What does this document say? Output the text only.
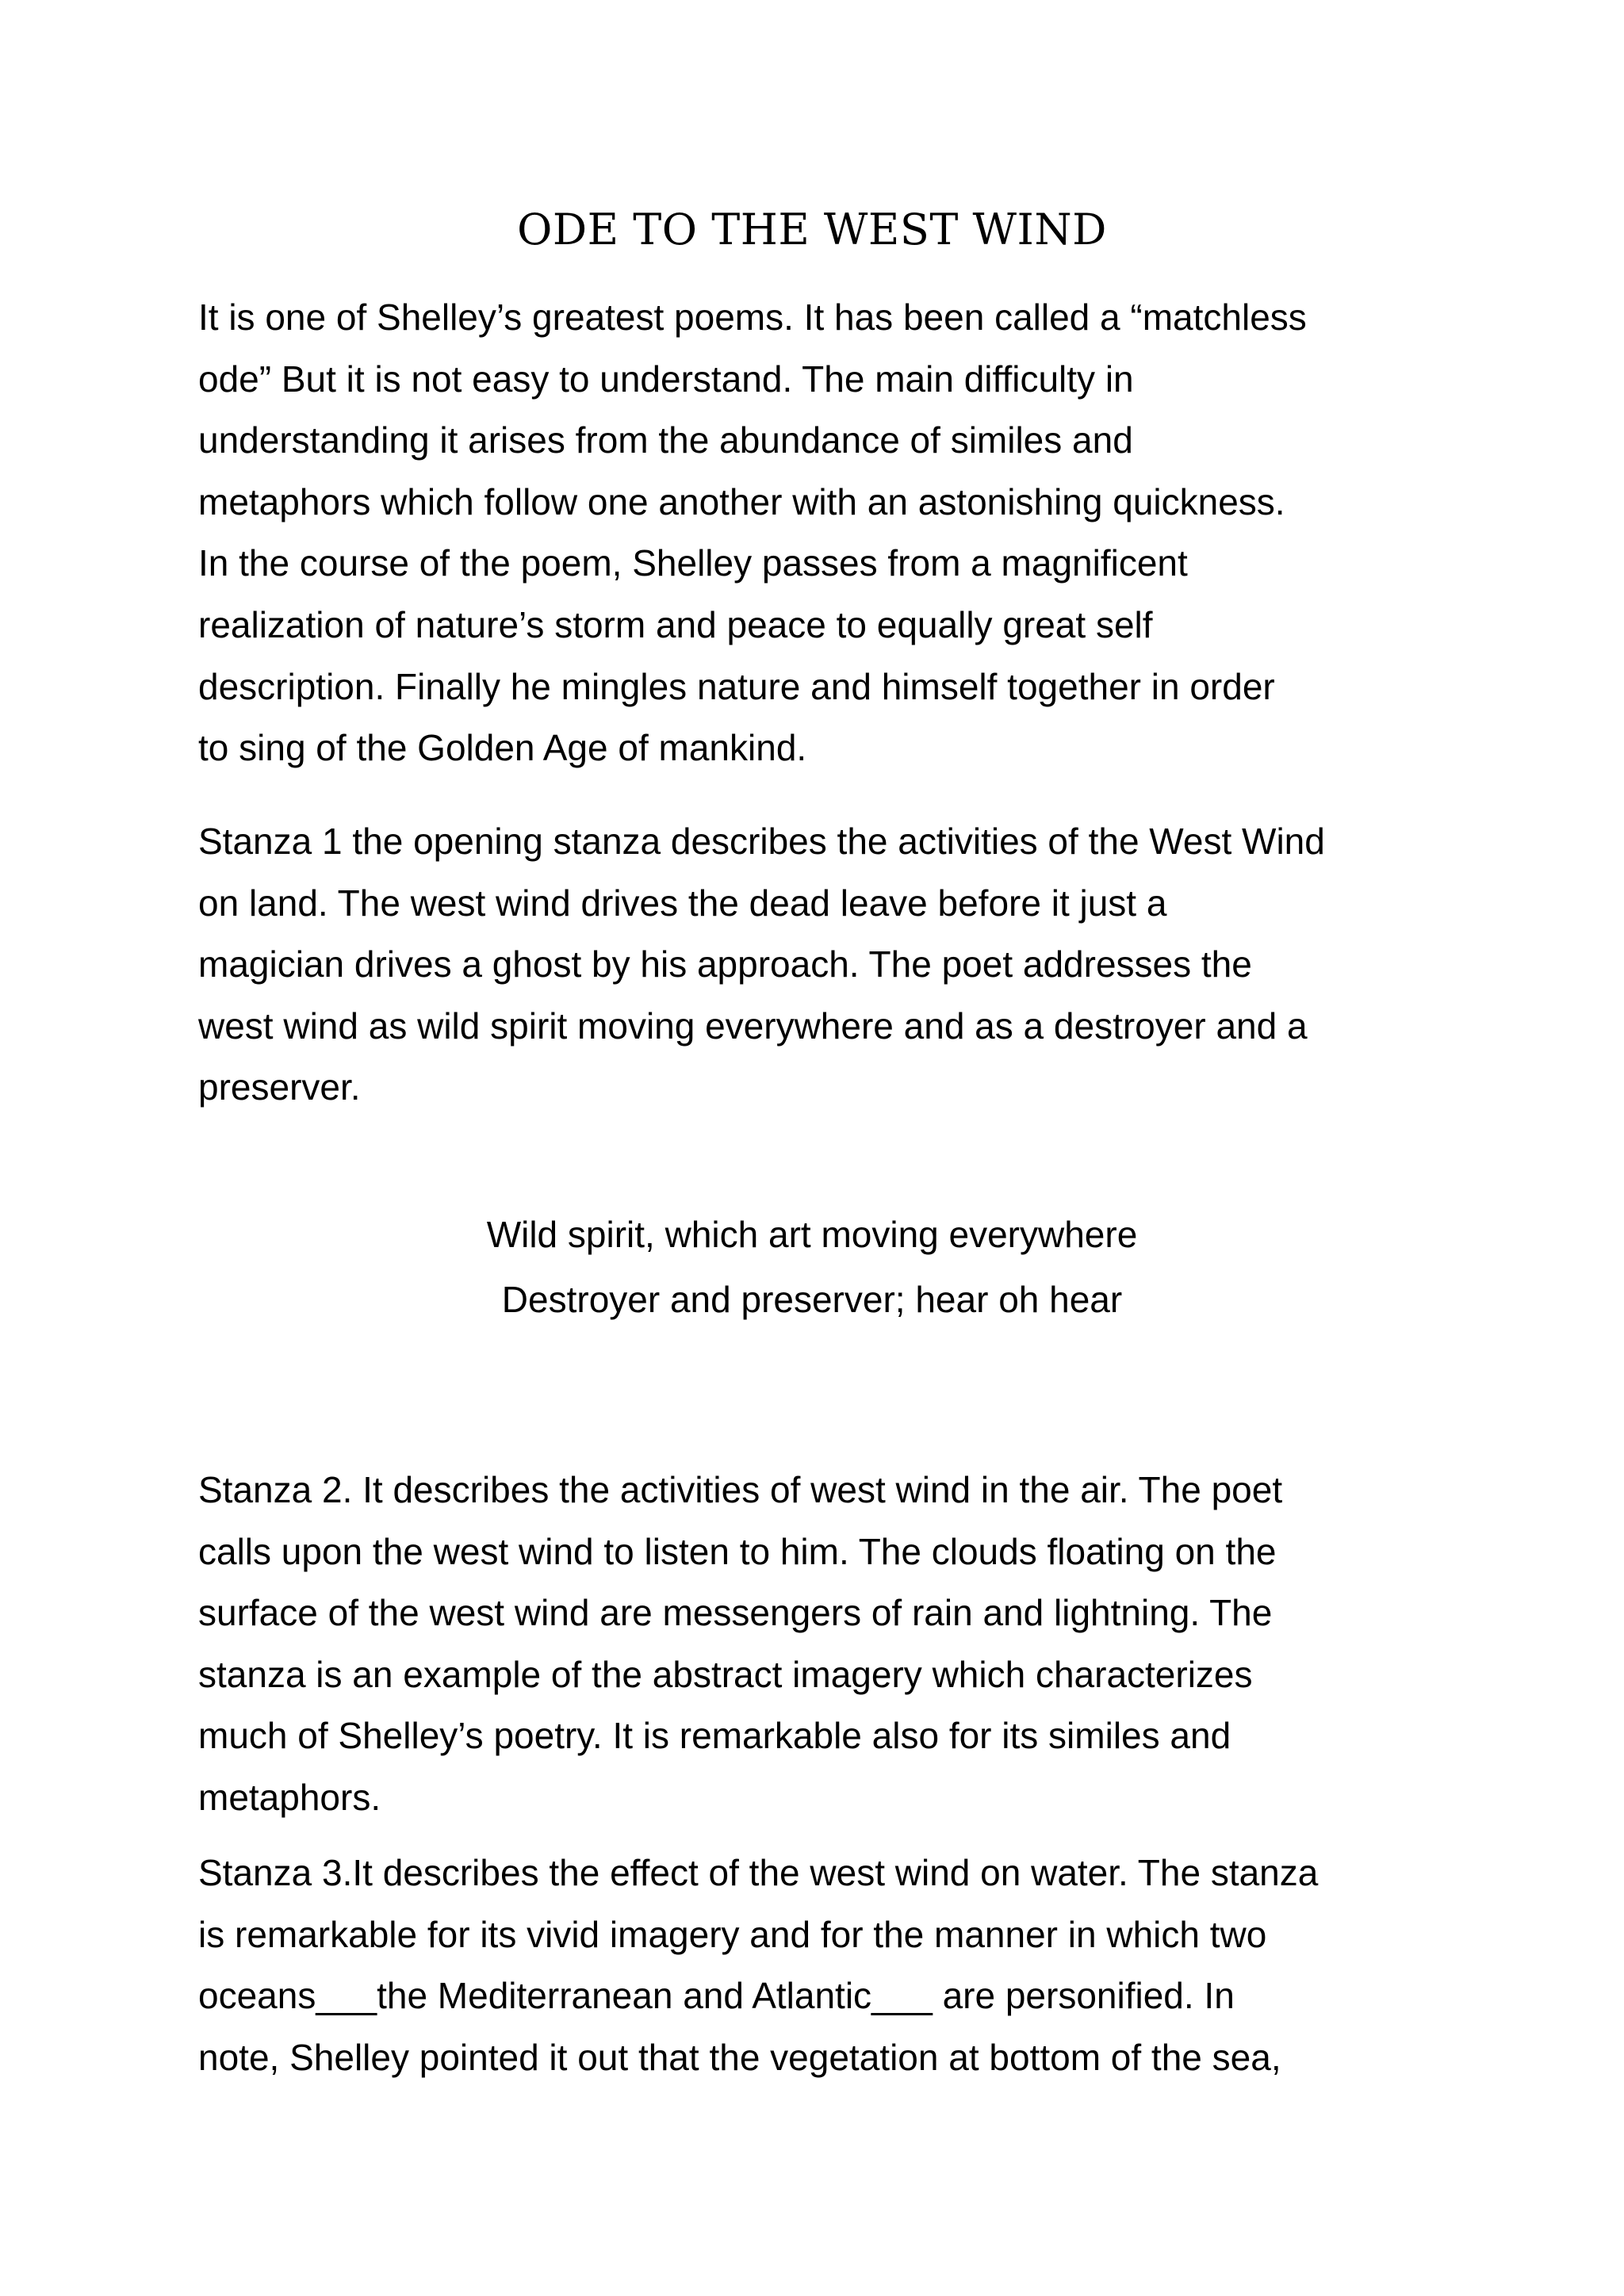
ODE TO THE WEST WIND

It is one of Shelley’s greatest poems. It has been called a “matchless
ode” But it is not easy to understand. The main difficulty in
understanding it arises from the abundance of similes and
metaphors which follow one another with an astonishing quickness.
In the course of the poem, Shelley passes from a magnificent
realization of nature’s storm and peace to equally great self
description. Finally he mingles nature and himself together in order
to sing of the Golden Age of mankind.

Stanza 1 the opening stanza describes the activities of the West Wind
on land. The west wind drives the dead leave before it just a
magician drives a ghost by his approach. The poet addresses the
west wind as wild spirit moving everywhere and as a destroyer and a
preserver.

Wild spirit, which art moving everywhere
Destroyer and preserver; hear oh hear

Stanza 2. It describes the activities of west wind in the air. The poet
calls upon the west wind to listen to him. The clouds floating on the
surface of the west wind are messengers of rain and lightning. The
stanza is an example of the abstract imagery which characterizes
much of Shelley’s poetry. It is remarkable also for its similes and
metaphors.

Stanza 3.It describes the effect of the west wind on water. The stanza
is remarkable for its vivid imagery and for the manner in which two
oceans___the Mediterranean and Atlantic___ are personified. In
note, Shelley pointed it out that the vegetation at bottom of the sea,
